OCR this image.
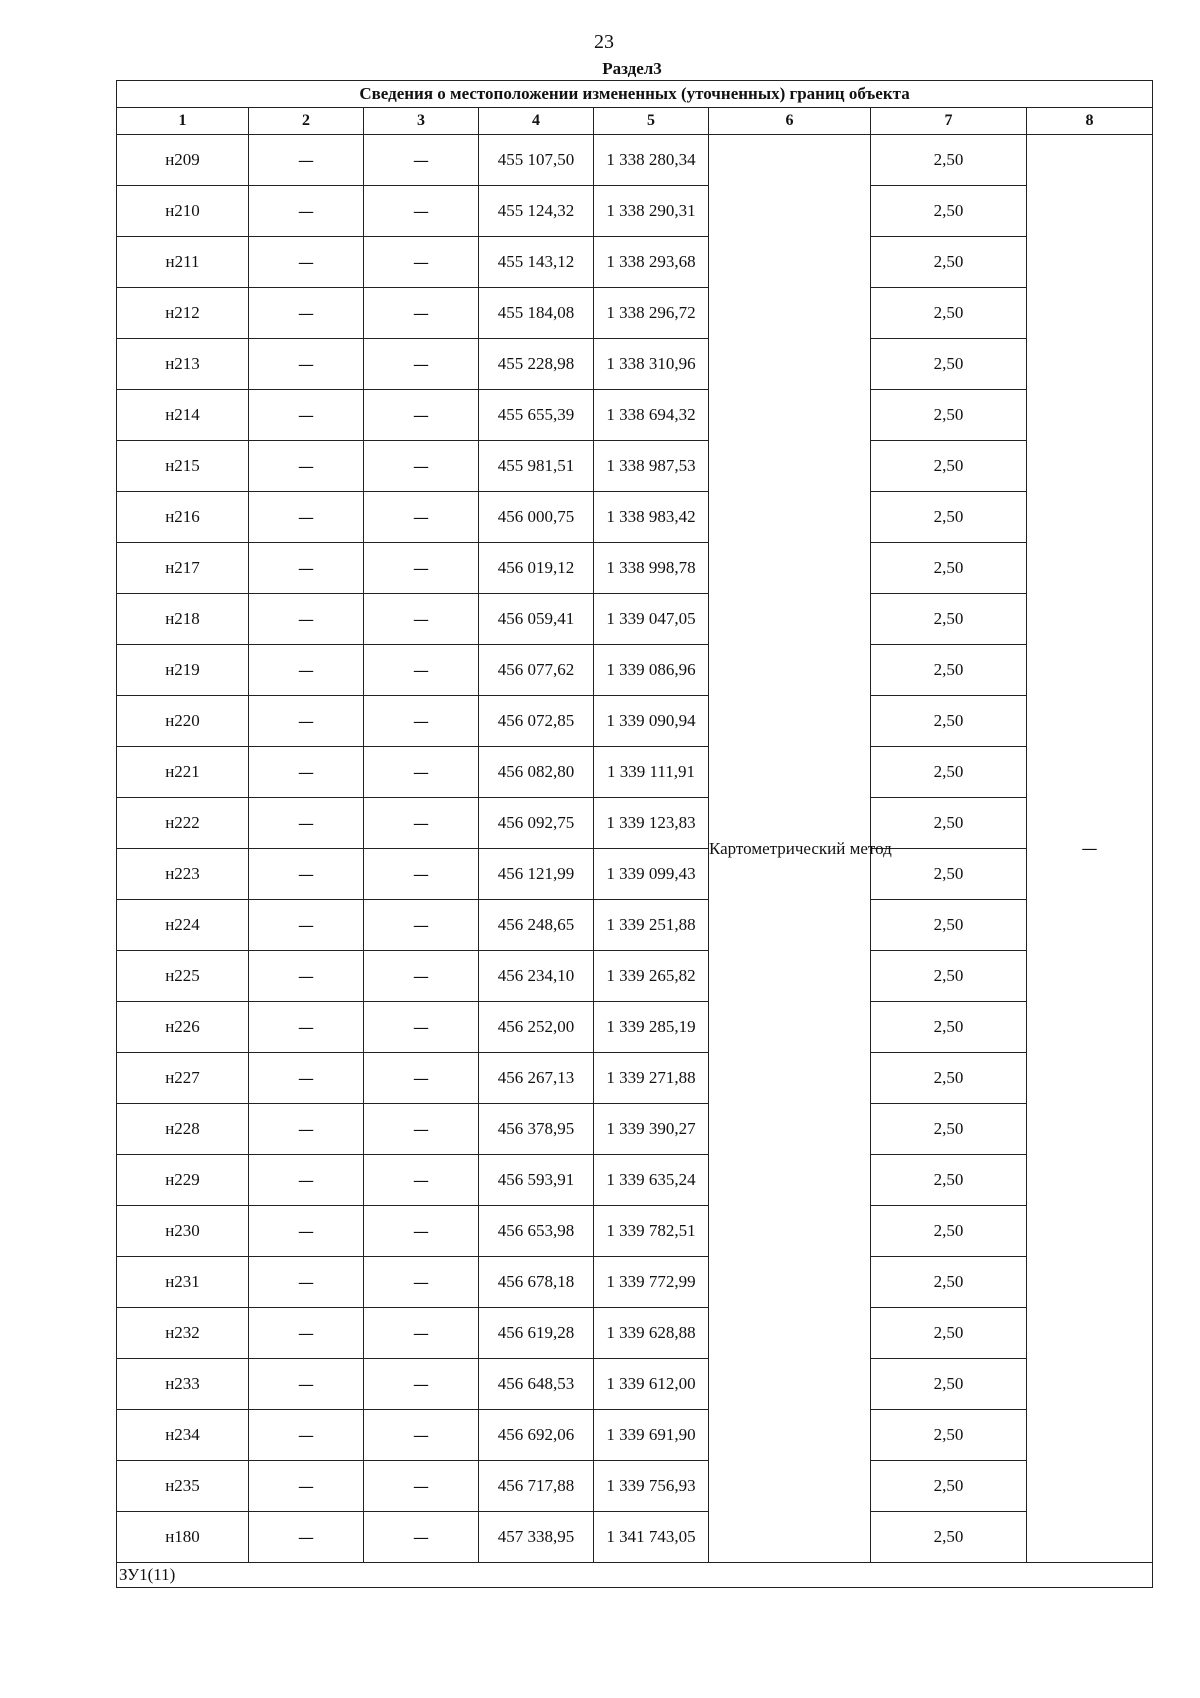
23
Раздел3
Сведения о местоположении измененных (уточненных) границ объекта							
1	2	3	4	5	6	7	8
н209	—	—	455 107,50	1 338 280,34	Картометрический метод	2,50	—
н210	—	—	455 124,32	1 338 290,31		2,50	
н211	—	—	455 143,12	1 338 293,68		2,50	
н212	—	—	455 184,08	1 338 296,72		2,50	
н213	—	—	455 228,98	1 338 310,96		2,50	
н214	—	—	455 655,39	1 338 694,32		2,50	
н215	—	—	455 981,51	1 338 987,53		2,50	
н216	—	—	456 000,75	1 338 983,42		2,50	
н217	—	—	456 019,12	1 338 998,78		2,50	
н218	—	—	456 059,41	1 339 047,05		2,50	
н219	—	—	456 077,62	1 339 086,96		2,50	
н220	—	—	456 072,85	1 339 090,94		2,50	
н221	—	—	456 082,80	1 339 111,91		2,50	
н222	—	—	456 092,75	1 339 123,83		2,50	
н223	—	—	456 121,99	1 339 099,43		2,50	
н224	—	—	456 248,65	1 339 251,88		2,50	
н225	—	—	456 234,10	1 339 265,82		2,50	
н226	—	—	456 252,00	1 339 285,19		2,50	
н227	—	—	456 267,13	1 339 271,88		2,50	
н228	—	—	456 378,95	1 339 390,27		2,50	
н229	—	—	456 593,91	1 339 635,24		2,50	
н230	—	—	456 653,98	1 339 782,51		2,50	
н231	—	—	456 678,18	1 339 772,99		2,50	
н232	—	—	456 619,28	1 339 628,88		2,50	
н233	—	—	456 648,53	1 339 612,00		2,50	
н234	—	—	456 692,06	1 339 691,90		2,50	
н235	—	—	456 717,88	1 339 756,93		2,50	
н180	—	—	457 338,95	1 341 743,05		2,50	
ЗУ1(11)							
